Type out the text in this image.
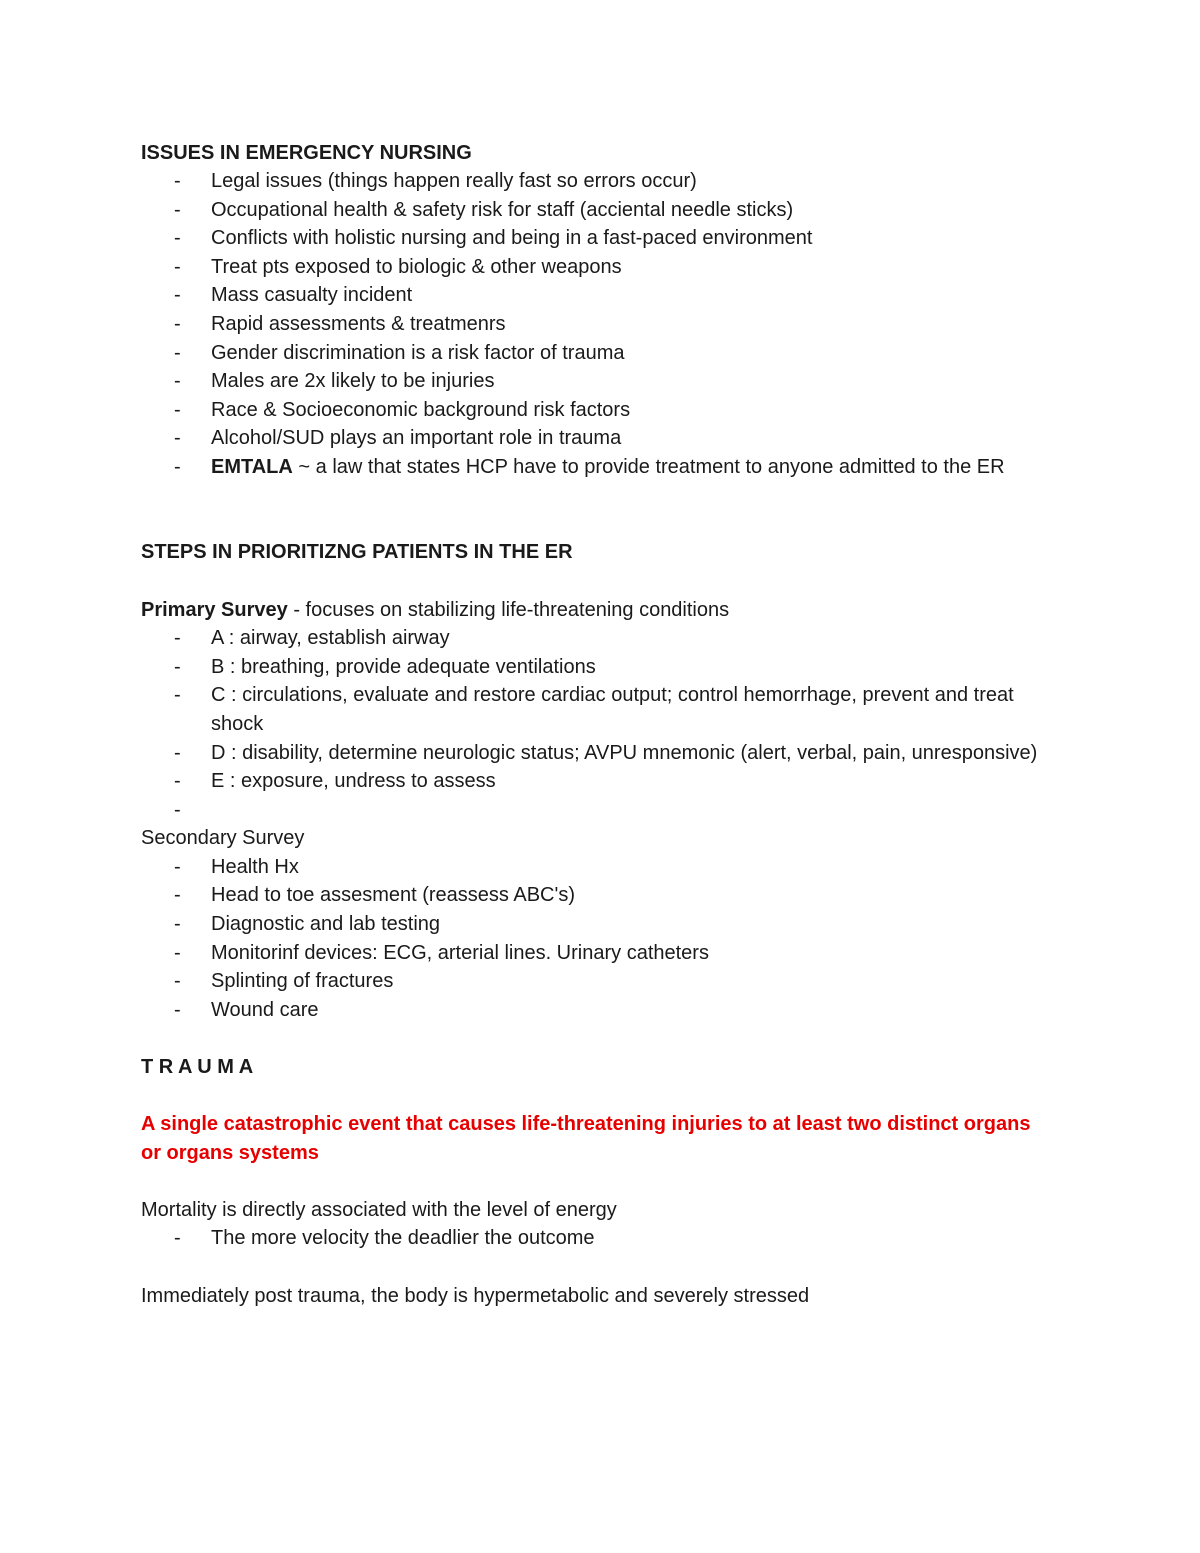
ISSUES IN EMERGENCY NURSING

- Legal issues (things happen really fast so errors occur)
- Occupational health & safety risk for staff (accienta​l needle sticks)
- Conflicts with holistic nursing and being in a fast-paced environment
- Treat pts exposed to biologic & other weapons
- Mass casualty incident
- Rapid assessments & treatmenrs
- Gender discrimination is a risk factor of trauma
- Males are 2x likely to be injuries
- Race & Socioeconomic background risk factors
- Alcohol/SUD plays an important role in trauma
- EMTALA ~ a law that states HCP have to provide treatment to anyone admitted to the ER

STEPS IN PRIORITIZNG PATIENTS IN THE ER

Primary Survey - focuses on stabilizing life-threatening conditions

- A : airway, establish airway
- B : breathing, provide adequate ventilations
- C : circulations, evaluate and restore cardiac output; control hemorrhage, prevent and treat shock
- D : disability, determine neurologic status; AVPU mnemonic (alert, verbal, pain, unresponsive)
- E : exposure, undress to assess
-

Secondary Survey

- Health Hx
- Head to toe assesment (reassess ABC's)
- Diagnostic and lab testing
- Monitorinf devices: ECG, arterial lines. Urinary catheters
- Splinting of fractures
- Wound care

T R A U M A

A single catastrophic event that causes life-threatening injuries to at least two distinct organs or organs systems

Mortality is directly associated with the level of energy

- The more velocity the deadlier the outcome

Immediately post trauma, the body is hypermetabolic and severely stressed
